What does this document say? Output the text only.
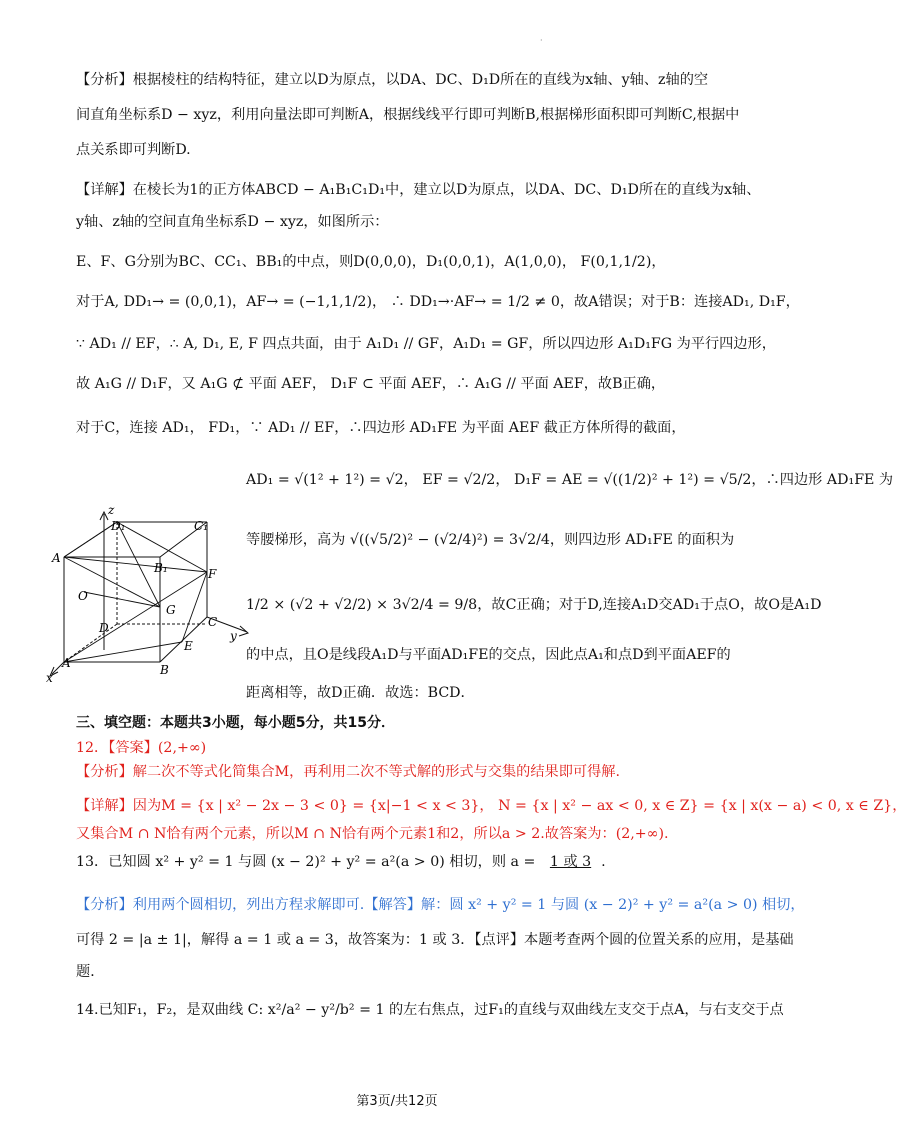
·
【分析】根据棱柱的结构特征，建立以D为原点，以DA、DC、D₁D所在的直线为x轴、y轴、z轴的空
间直角坐标系D − xyz，利用向量法即可判断A，根据线线平行即可判断B,根据梯形面积即可判断C,根据中
点关系即可判断D.
【详解】在棱长为1的正方体ABCD − A₁B₁C₁D₁中，建立以D为原点，以DA、DC、D₁D所在的直线为x轴、
y轴、z轴的空间直角坐标系D − xyz，如图所示：
E、F、G分别为BC、CC₁、BB₁的中点，则D(0,0,0)，D₁(0,0,1)，A(1,0,0)， F(0,1,1/2)，
对于A, DD₁→ = (0,0,1)，AF→ = (−1,1,1/2)， ∴ DD₁→·AF→ = 1/2 ≠ 0，故A错误；对于B：连接AD₁, D₁F，
∵ AD₁ // EF，∴ A, D₁, E, F 四点共面，由于 A₁D₁ // GF，A₁D₁ = GF，所以四边形 A₁D₁FG 为平行四边形，
故 A₁G // D₁F，又 A₁G ⊄ 平面 AEF， D₁F ⊂ 平面 AEF，∴ A₁G // 平面 AEF，故B正确，
对于C，连接 AD₁， FD₁，∵ AD₁ // EF，∴四边形 AD₁FE 为平面 AEF 截正方体所得的截面，
AD₁ = √(1² + 1²) = √2， EF = √2/2， D₁F = AE = √((1/2)² + 1²) = √5/2，∴四边形 AD₁FE 为
等腰梯形，高为 √((√5/2)² − (√2/4)²) = 3√2/4，则四边形 AD₁FE 的面积为
1/2 × (√2 + √2/2) × 3√2/4 = 9/8，故C正确；对于D,连接A₁D交AD₁于点O，故O是A₁D
的中点，且O是线段A₁D与平面AD₁FE的交点，因此点A₁和点D到平面AEF的
距离相等，故D正确．故选：BCD．
z
D₁	C₁
A
B₁	F
O
G
D	C
y
E
A	B
x
三、填空题：本题共3小题，每小题5分，共15分．
12．【答案】(2,+∞)
【分析】解二次不等式化简集合M，再利用二次不等式解的形式与交集的结果即可得解.
【详解】因为M = {x | x² − 2x − 3 < 0} = {x|−1 < x < 3}， N = {x | x² − ax < 0, x ∈ Z} = {x | x(x − a) < 0, x ∈ Z}，
又集合M ∩ N恰有两个元素，所以M ∩ N恰有两个元素1和2，所以a > 2.故答案为：(2,+∞).
13．已知圆 x² + y² = 1 与圆 (x − 2)² + y² = a²(a > 0) 相切，则 a = 1 或 3 .
【分析】利用两个圆相切，列出方程求解即可.【解答】解：圆 x² + y² = 1 与圆 (x − 2)² + y² = a²(a > 0) 相切，
可得 2 = |a ± 1|，解得 a = 1 或 a = 3，故答案为：1 或 3．【点评】本题考查两个圆的位置关系的应用，是基础
题．
14.已知F₁，F₂，是双曲线 C: x²/a² − y²/b² = 1 的左右焦点，过F₁的直线与双曲线左支交于点A，与右支交于点
第3页/共12页
